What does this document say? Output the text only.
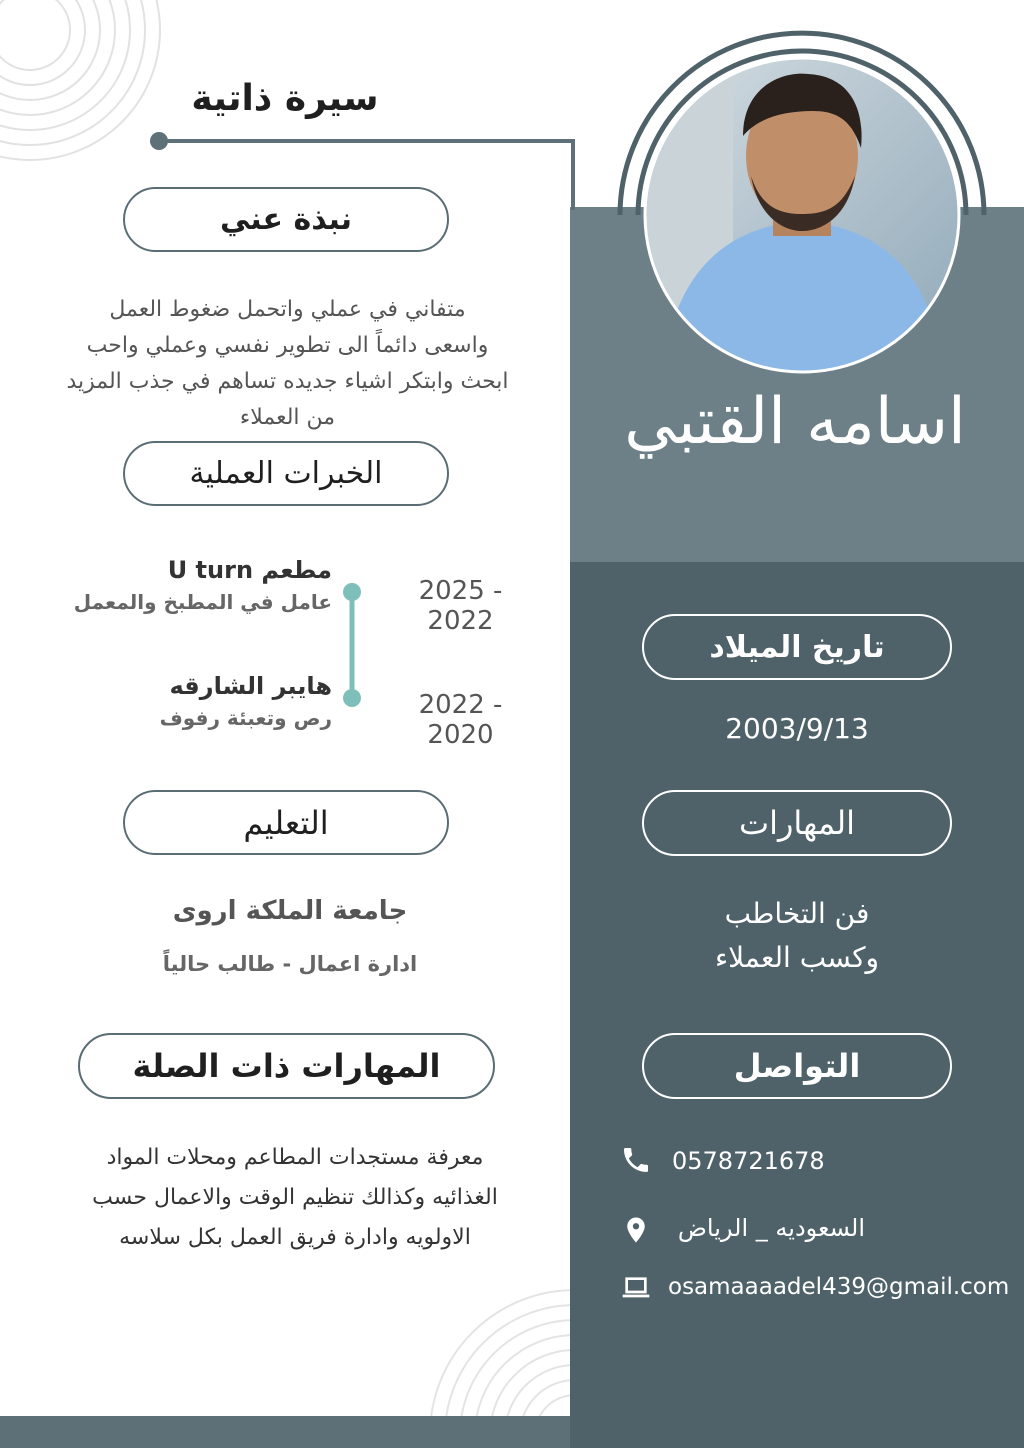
سيرة ذاتية
اسامه القتبي
نبذة عني
متفاني في عملي واتحمل ضغوط العمل
واسعى دائماً الى تطوير نفسي وعملي واحب
ابحث وابتكر اشياء جديده تساهم في جذب المزيد
من العملاء
الخبرات العملية
مطعم U turn
عامل في المطبخ والمعمل	2025 - 2022
هايبر الشارقه
رص وتعبئة رفوف	2022 - 2020
التعليم
جامعة الملكة اروى
ادارة اعمال - طالب حالياً
المهارات ذات الصلة
معرفة مستجدات المطاعم ومحلات المواد
الغذائيه وكذالك تنظيم الوقت والاعمال حسب
الاولويه وادارة فريق العمل بكل سلاسه
تاريخ الميلاد
2003/9/13
المهارات
فن التخاطب
وكسب العملاء
التواصل
0578721678
السعوديه _ الرياض
osamaaaadel439@gmail.com
